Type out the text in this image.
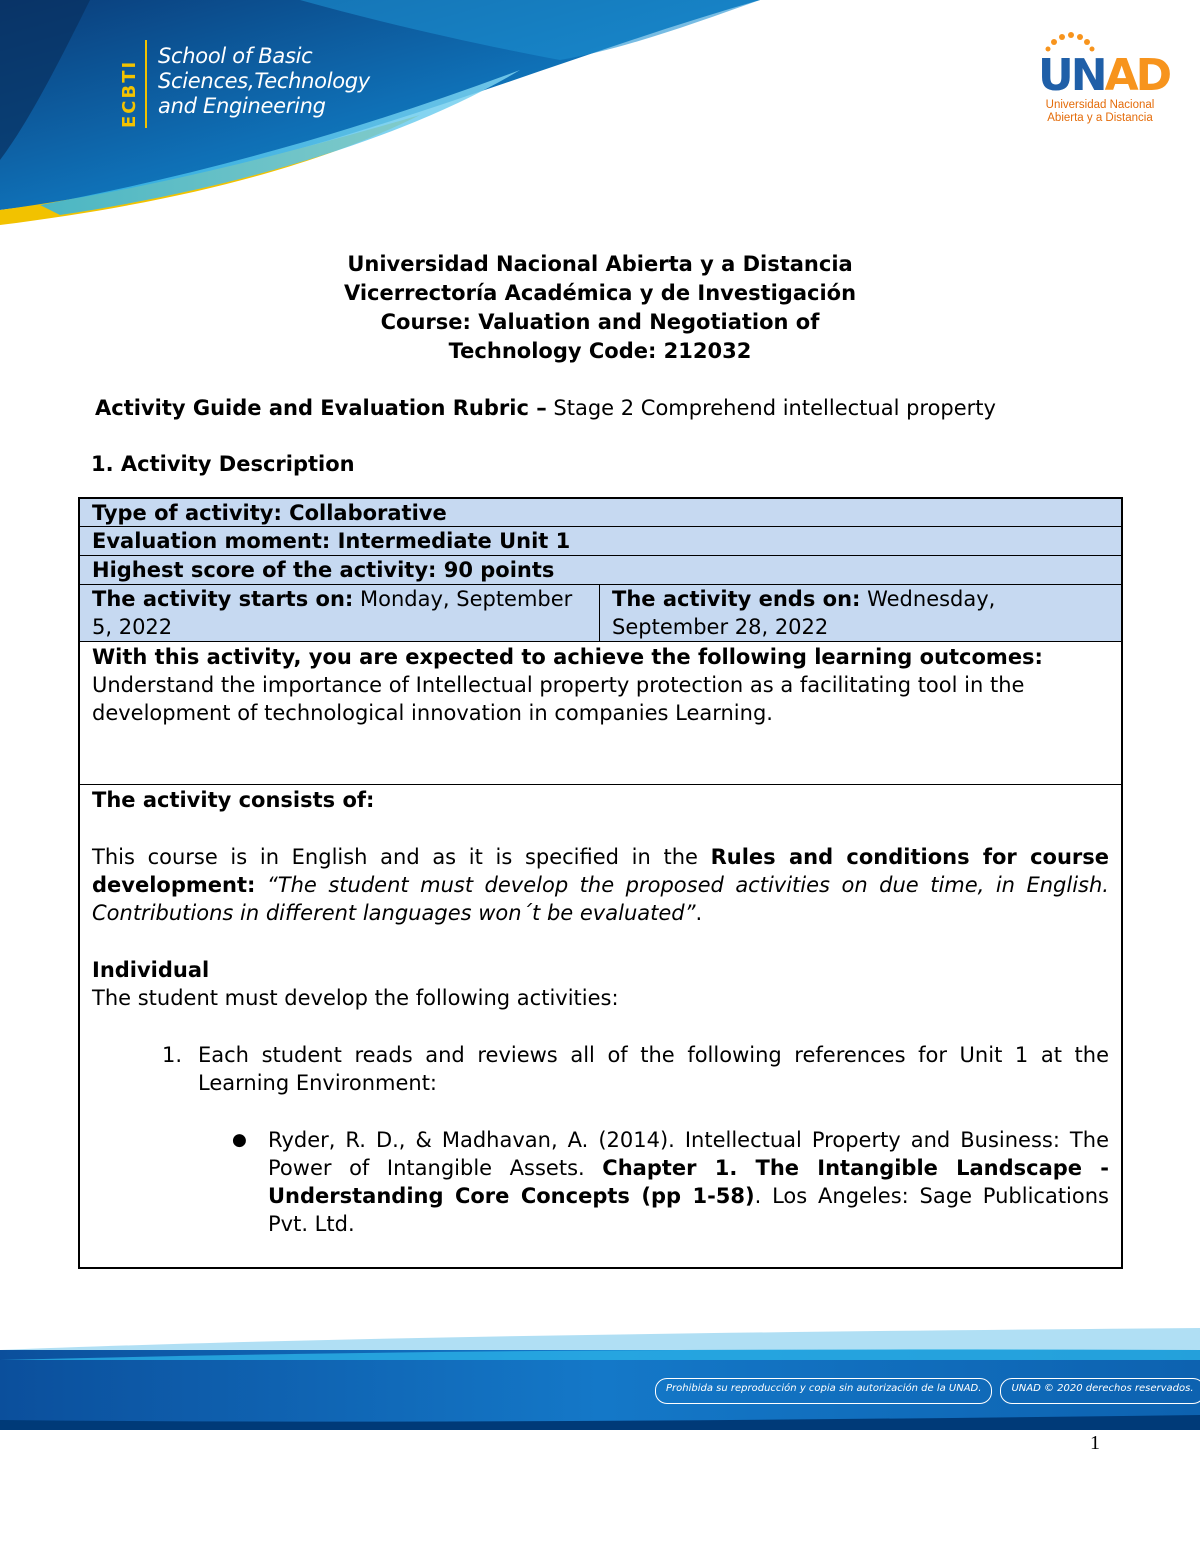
ECBTI
School of Basic
Sciences,Technology
and Engineering
UNAD
Universidad Nacional
Abierta y a Distancia
Universidad Nacional Abierta y a Distancia
Vicerrectoría Académica y de Investigación
Course: Valuation and Negotiation of
Technology Code: 212032
Activity Guide and Evaluation Rubric – Stage 2 Comprehend intellectual property
1. Activity Description
Type of activity: Collaborative
Evaluation moment: Intermediate Unit 1
Highest score of the activity: 90 points
The activity starts on: Monday, September 5, 2022
The activity ends on: Wednesday, September 28, 2022
With this activity, you are expected to achieve the following learning outcomes:
Understand the importance of Intellectual property protection as a facilitating tool in the development of technological innovation in companies Learning.
The activity consists of:
This course is in English and as it is specified in the Rules and conditions for course development: “The student must develop the proposed activities on due time, in English. Contributions in different languages won´t be evaluated”.
Individual
The student must develop the following activities:
1. Each student reads and reviews all of the following references for Unit 1 at the Learning Environment:
● Ryder, R. D., & Madhavan, A. (2014). Intellectual Property and Business: The Power of Intangible Assets. Chapter 1. The Intangible Landscape - Understanding Core Concepts (pp 1-58). Los Angeles: Sage Publications Pvt. Ltd.
Prohibida su reproducción y copia sin autorización de la UNAD.	UNAD © 2020 derechos reservados.
1
